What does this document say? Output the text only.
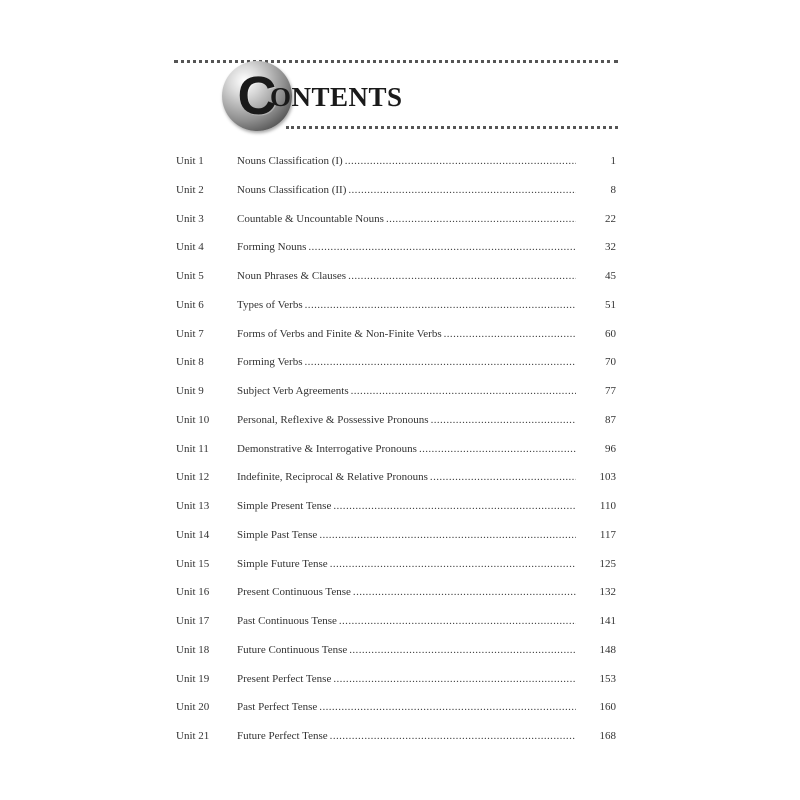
C
ONTENTS
Unit 1	Nouns Classification (I) .....	1
Unit 2	Nouns Classification (II) .....	8
Unit 3	Countable & Uncountable Nouns .....	22
Unit 4	Forming Nouns .....	32
Unit 5	Noun Phrases & Clauses .....	45
Unit 6	Types of Verbs .....	51
Unit 7	Forms of Verbs and Finite & Non-Finite Verbs .....	60
Unit 8	Forming Verbs .....	70
Unit 9	Subject Verb Agreements .....	77
Unit 10	Personal, Reflexive & Possessive Pronouns .....	87
Unit 11	Demonstrative & Interrogative Pronouns .....	96
Unit 12	Indefinite, Reciprocal & Relative Pronouns .....	103
Unit 13	Simple Present Tense .....	110
Unit 14	Simple Past Tense .....	117
Unit 15	Simple Future Tense .....	125
Unit 16	Present Continuous Tense .....	132
Unit 17	Past Continuous Tense .....	141
Unit 18	Future Continuous Tense .....	148
Unit 19	Present Perfect Tense .....	153
Unit 20	Past Perfect Tense .....	160
Unit 21	Future Perfect Tense .....	168
